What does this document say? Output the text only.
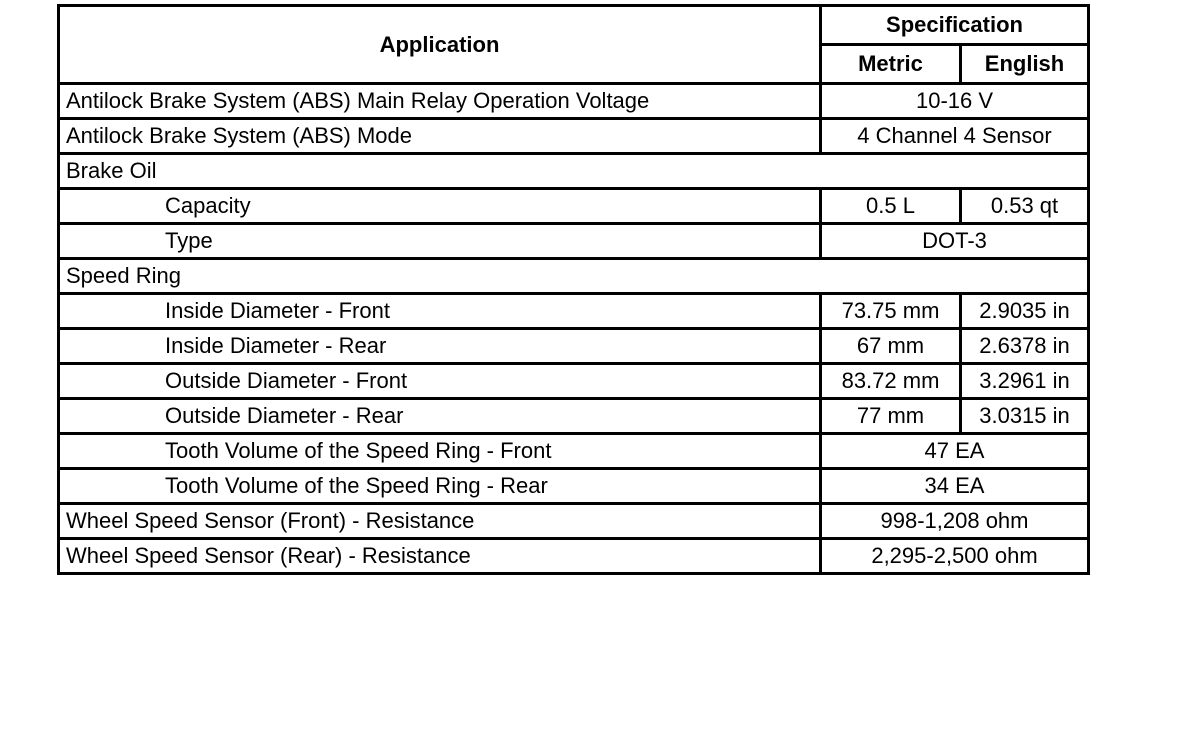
Application	Specification	
	Metric	English
Antilock Brake System (ABS) Main Relay Operation Voltage	10-16 V	
Antilock Brake System (ABS) Mode	4 Channel 4 Sensor	
Brake Oil		
Capacity	0.5 L	0.53 qt
Type	DOT-3	
Speed Ring		
Inside Diameter - Front	73.75 mm	2.9035 in
Inside Diameter - Rear	67 mm	2.6378 in
Outside Diameter - Front	83.72 mm	3.2961 in
Outside Diameter - Rear	77 mm	3.0315 in
Tooth Volume of the Speed Ring - Front	47 EA	
Tooth Volume of the Speed Ring - Rear	34 EA	
Wheel Speed Sensor (Front) - Resistance	998-1,208 ohm	
Wheel Speed Sensor (Rear) - Resistance	2,295-2,500 ohm	
